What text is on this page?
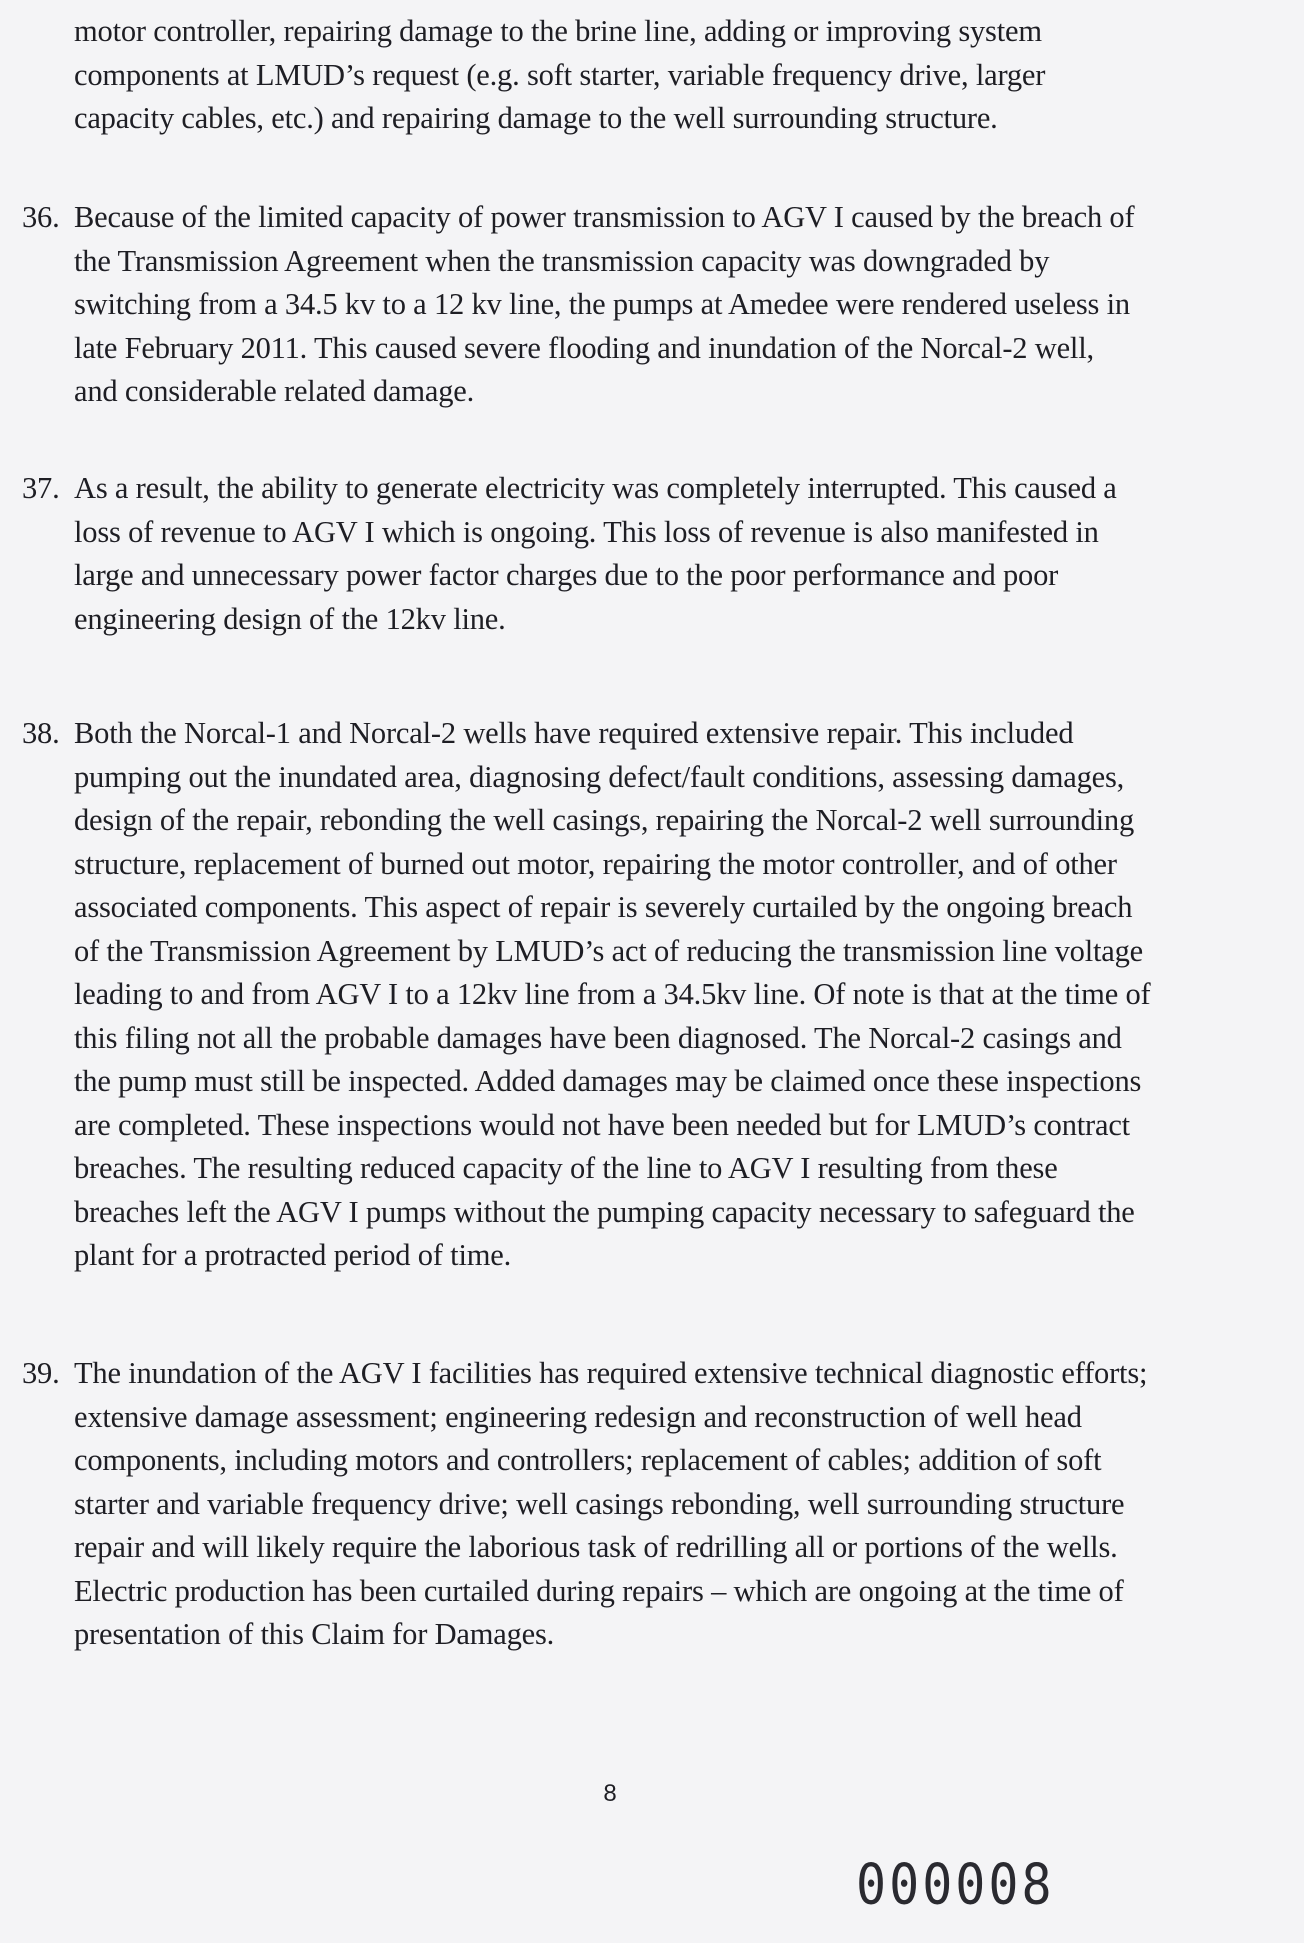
motor controller, repairing damage to the brine line, adding or improving system

components at LMUD’s request (e.g. soft starter, variable frequency drive, larger

capacity cables, etc.) and repairing damage to the well surrounding structure.

36. Because of the limited capacity of power transmission to AGV I caused by the breach of

the Transmission Agreement when the transmission capacity was downgraded by

switching from a 34.5 kv to a 12 kv line, the pumps at Amedee were rendered useless in

late February 2011. This caused severe flooding and inundation of the Norcal-2 well,

and considerable related damage.

37. As a result, the ability to generate electricity was completely interrupted. This caused a

loss of revenue to AGV I which is ongoing. This loss of revenue is also manifested in

large and unnecessary power factor charges due to the poor performance and poor

engineering design of the 12kv line.

38. Both the Norcal-1 and Norcal-2 wells have required extensive repair. This included

pumping out the inundated area, diagnosing defect/fault conditions, assessing damages,

design of the repair, rebonding the well casings, repairing the Norcal-2 well surrounding

structure, replacement of burned out motor, repairing the motor controller, and of other

associated components. This aspect of repair is severely curtailed by the ongoing breach

of the Transmission Agreement by LMUD’s act of reducing the transmission line voltage

leading to and from AGV I to a 12kv line from a 34.5kv line. Of note is that at the time of

this filing not all the probable damages have been diagnosed. The Norcal-2 casings and

the pump must still be inspected. Added damages may be claimed once these inspections

are completed. These inspections would not have been needed but for LMUD’s contract

breaches. The resulting reduced capacity of the line to AGV I resulting from these

breaches left the AGV I pumps without the pumping capacity necessary to safeguard the

plant for a protracted period of time.

39. The inundation of the AGV I facilities has required extensive technical diagnostic efforts;

extensive damage assessment; engineering redesign and reconstruction of well head

components, including motors and controllers; replacement of cables; addition of soft

starter and variable frequency drive; well casings rebonding, well surrounding structure

repair and will likely require the laborious task of redrilling all or portions of the wells.

Electric production has been curtailed during repairs – which are ongoing at the time of

presentation of this Claim for Damages.

8
000008
